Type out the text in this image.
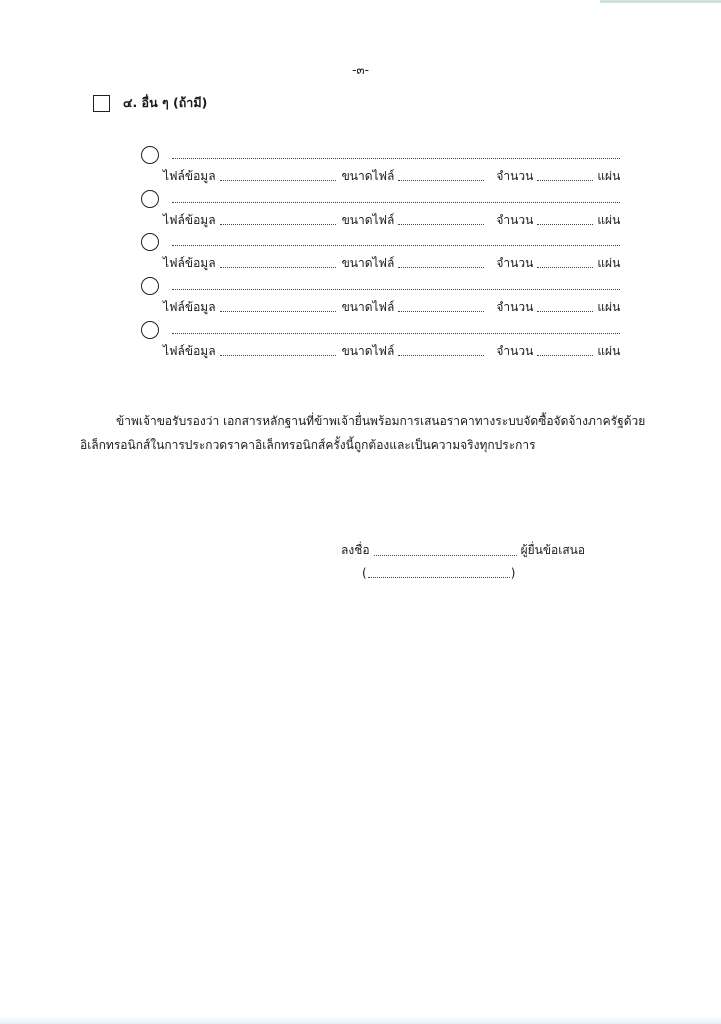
-๓-
๔. อื่น ๆ (ถ้ามี)
ไฟล์ข้อมูล	ขนาดไฟล์	จำนวน	แผ่น
ไฟล์ข้อมูล	ขนาดไฟล์	จำนวน	แผ่น
ไฟล์ข้อมูล	ขนาดไฟล์	จำนวน	แผ่น
ไฟล์ข้อมูล	ขนาดไฟล์	จำนวน	แผ่น
ไฟล์ข้อมูล	ขนาดไฟล์	จำนวน	แผ่น
ข้าพเจ้าขอรับรองว่า เอกสารหลักฐานที่ข้าพเจ้ายื่นพร้อมการเสนอราคาทางระบบจัดซื้อจัดจ้างภาครัฐด้วย
อิเล็กทรอนิกส์ในการประกวดราคาอิเล็กทรอนิกส์ครั้งนี้ถูกต้องและเป็นความจริงทุกประการ
ลงชื่อ	ผู้ยื่นข้อเสนอ
(	)
